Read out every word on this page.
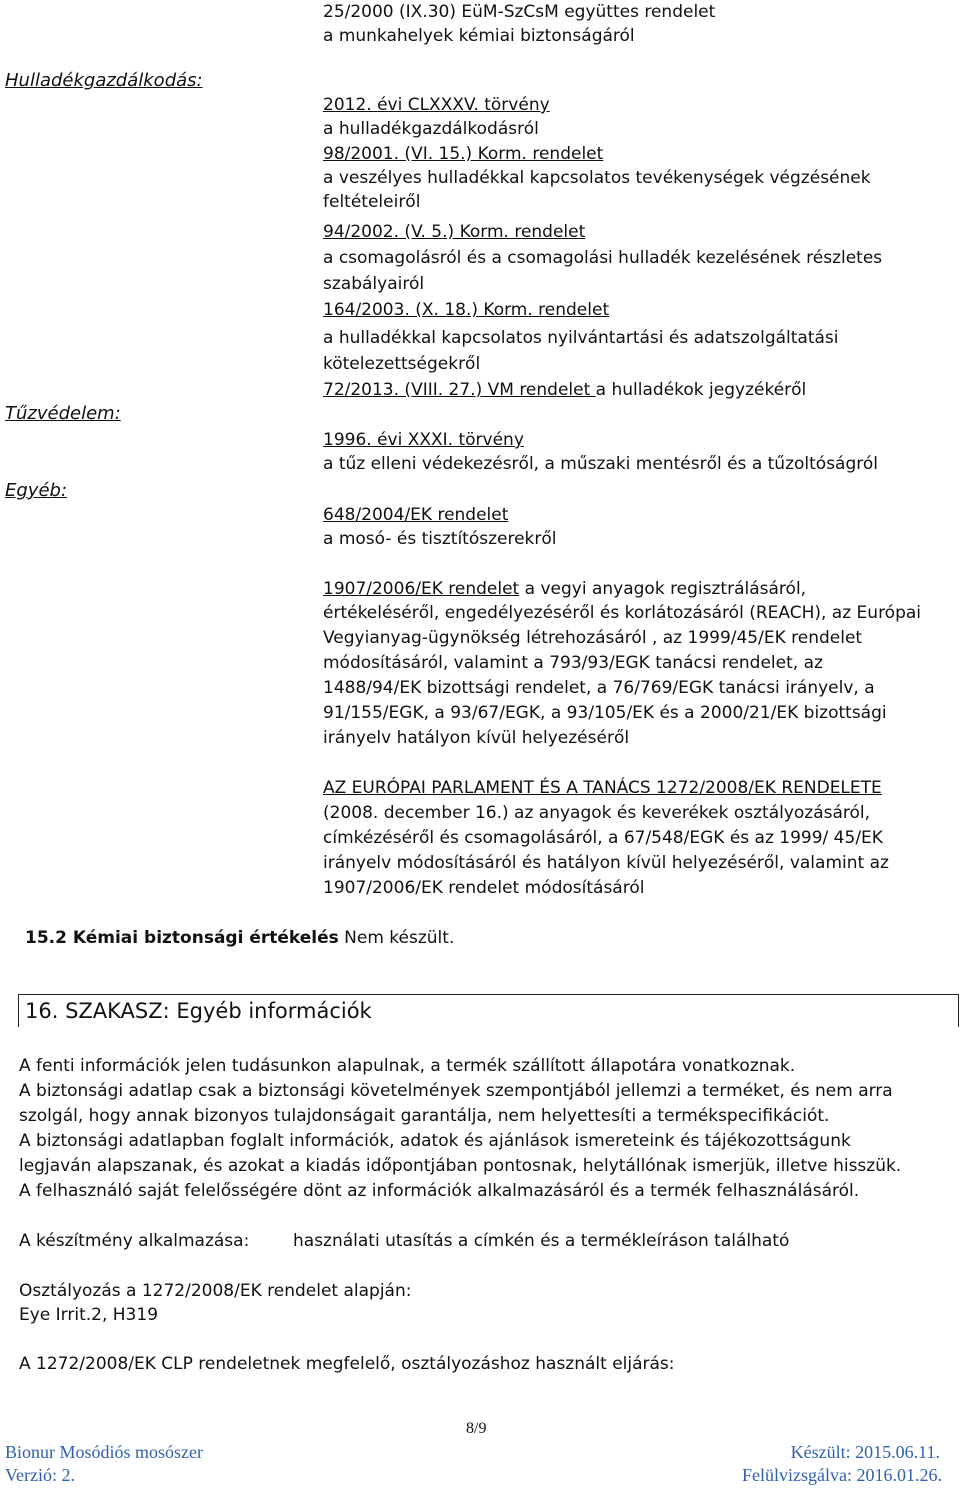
Hulladékgazdálkodás:
Tűzvédelem:
Egyéb:
25/2000 (IX.30) EüM-SzCsM együttes rendelet
a munkahelyek kémiai biztonságáról
2012. évi CLXXXV. törvény
a hulladékgazdálkodásról
98/2001. (VI. 15.) Korm. rendelet
a veszélyes hulladékkal kapcsolatos tevékenységek végzésének
feltételeiről
94/2002. (V. 5.) Korm. rendelet
a csomagolásról és a csomagolási hulladék kezelésének részletes
szabályairól
164/2003. (X. 18.) Korm. rendelet
a hulladékkal kapcsolatos nyilvántartási és adatszolgáltatási
kötelezettségekről
72/2013. (VIII. 27.) VM rendelet a hulladékok jegyzékéről
1996. évi XXXI. törvény
a tűz elleni védekezésről, a műszaki mentésről és a tűzoltóságról
648/2004/EK rendelet
a mosó- és tisztítószerekről
1907/2006/EK rendelet a vegyi anyagok regisztrálásáról,
értékeléséről, engedélyezéséről és korlátozásáról (REACH), az Európai
Vegyianyag-ügynökség létrehozásáról , az 1999/45/EK rendelet
módosításáról, valamint a 793/93/EGK tanácsi rendelet, az
1488/94/EK bizottsági rendelet, a 76/769/EGK tanácsi irányelv, a
91/155/EGK, a 93/67/EGK, a 93/105/EK és a 2000/21/EK bizottsági
irányelv hatályon kívül helyezéséről
AZ EURÓPAI PARLAMENT ÉS A TANÁCS 1272/2008/EK RENDELETE
(2008. december 16.) az anyagok és keverékek osztályozásáról,
címkézéséről és csomagolásáról, a 67/548/EGK és az 1999/ 45/EK
irányelv módosításáról és hatályon kívül helyezéséről, valamint az
1907/2006/EK rendelet módosításáról
15.2 Kémiai biztonsági értékelés Nem készült.
16. SZAKASZ: Egyéb információk
A fenti információk jelen tudásunkon alapulnak, a termék szállított állapotára vonatkoznak.
A biztonsági adatlap csak a biztonsági követelmények szempontjából jellemzi a terméket, és nem arra
szolgál, hogy annak bizonyos tulajdonságait garantálja, nem helyettesíti a termékspecifikációt.
A biztonsági adatlapban foglalt információk, adatok és ajánlások ismereteink és tájékozottságunk
legjaván alapszanak, és azokat a kiadás időpontjában pontosnak, helytállónak ismerjük, illetve hisszük.
A felhasználó saját felelősségére dönt az információk alkalmazásáról és a termék felhasználásáról.
A készítmény alkalmazása:	használati utasítás a címkén és a termékleíráson található
Osztályozás a 1272/2008/EK rendelet alapján:
Eye Irrit.2, H319
A 1272/2008/EK CLP rendeletnek megfelelő, osztályozáshoz használt eljárás:
8/9
Bionur Mosódiós mosószer
Verzió: 2.
Készült: 2015.06.11.
Felülvizsgálva: 2016.01.26.
